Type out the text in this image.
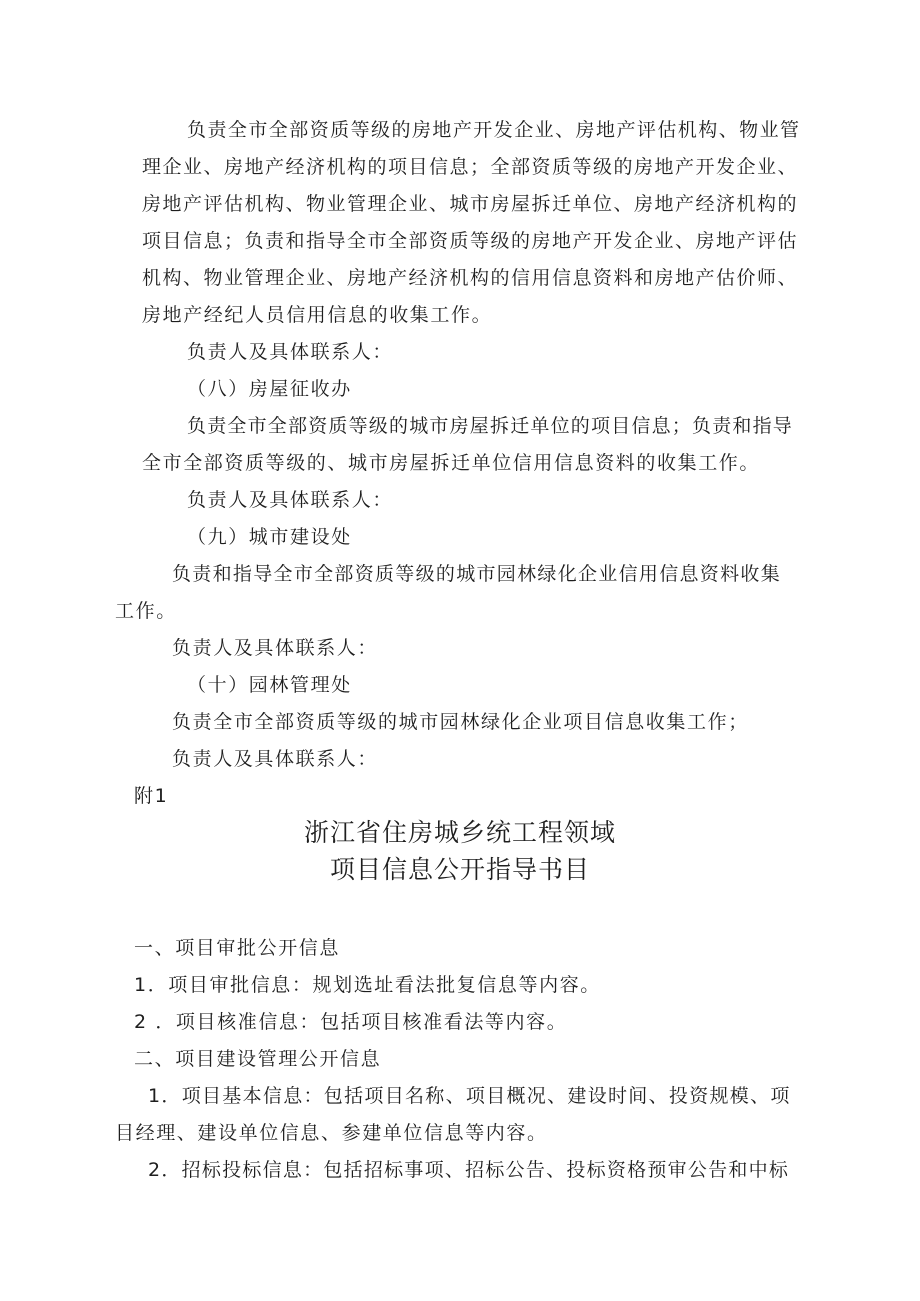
负责全市全部资质等级的房地产开发企业、房地产评估机构、物业管

理企业、房地产经济机构的项目信息；全部资质等级的房地产开发企业、

房地产评估机构、物业管理企业、城市房屋拆迁单位、房地产经济机构的

项目信息；负责和指导全市全部资质等级的房地产开发企业、房地产评估

机构、物业管理企业、房地产经济机构的信用信息资料和房地产估价师、

房地产经纪人员信用信息的收集工作。

负责人及具体联系人：

（八）房屋征收办

负责全市全部资质等级的城市房屋拆迁单位的项目信息；负责和指导

全市全部资质等级的、城市房屋拆迁单位信用信息资料的收集工作。

负责人及具体联系人：

（九）城市建设处

负责和指导全市全部资质等级的城市园林绿化企业信用信息资料收集

工作。

负责人及具体联系人：

（十）园林管理处

负责全市全部资质等级的城市园林绿化企业项目信息收集工作；

负责人及具体联系人：

附1

浙江省住房城乡统工程领域

项目信息公开指导书目

一、项目审批公开信息

1．项目审批信息：规划选址看法批复信息等内容。

2 ．项目核准信息：包括项目核准看法等内容。

二、项目建设管理公开信息

1．项目基本信息：包括项目名称、项目概况、建设时间、投资规模、项

目经理、建设单位信息、参建单位信息等内容。

2．招标投标信息：包括招标事项、招标公告、投标资格预审公告和中标
